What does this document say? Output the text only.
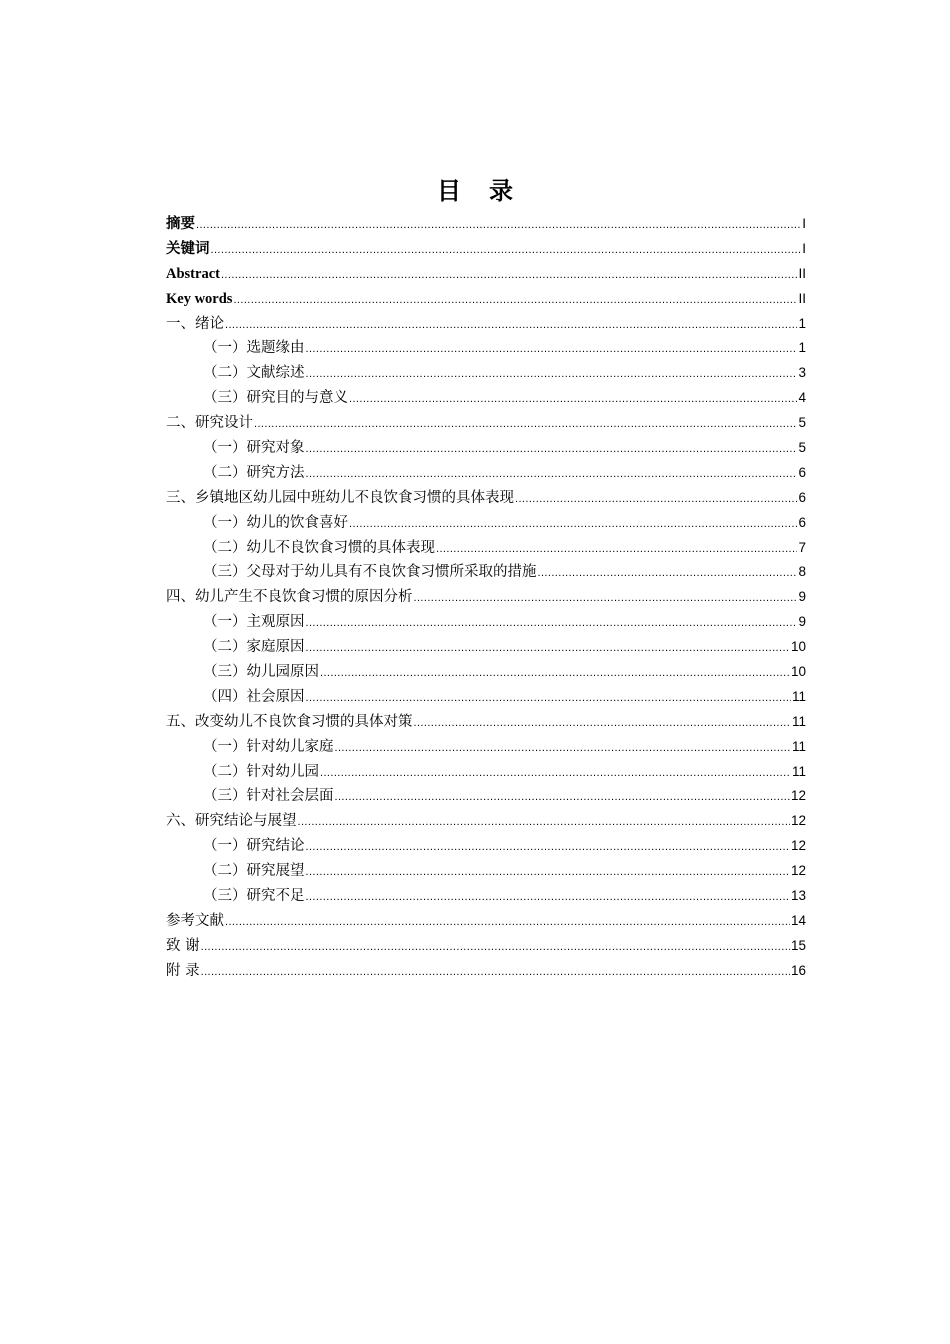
目 录
摘要 .....	I
关键词 .....	I
Abstract .....	II
Key words .....	II
一、绪论 .....	1
（一）选题缘由 .....	1
（二）文献综述 .....	3
（三）研究目的与意义 .....	4
二、研究设计 .....	5
（一）研究对象 .....	5
（二）研究方法 .....	6
三、乡镇地区幼儿园中班幼儿不良饮食习惯的具体表现 .....	6
（一）幼儿的饮食喜好 .....	6
（二）幼儿不良饮食习惯的具体表现 .....	7
（三）父母对于幼儿具有不良饮食习惯所采取的措施 .....	8
四、幼儿产生不良饮食习惯的原因分析 .....	9
（一）主观原因 .....	9
（二）家庭原因 .....	10
（三）幼儿园原因 .....	10
（四）社会原因 .....	11
五、改变幼儿不良饮食习惯的具体对策 .....	11
（一）针对幼儿家庭 .....	11
（二）针对幼儿园 .....	11
（三）针对社会层面 .....	12
六、研究结论与展望 .....	12
（一）研究结论 .....	12
（二）研究展望 .....	12
（三）研究不足 .....	13
参考文献 .....	14
致 谢 .....	15
附 录 .....	16
